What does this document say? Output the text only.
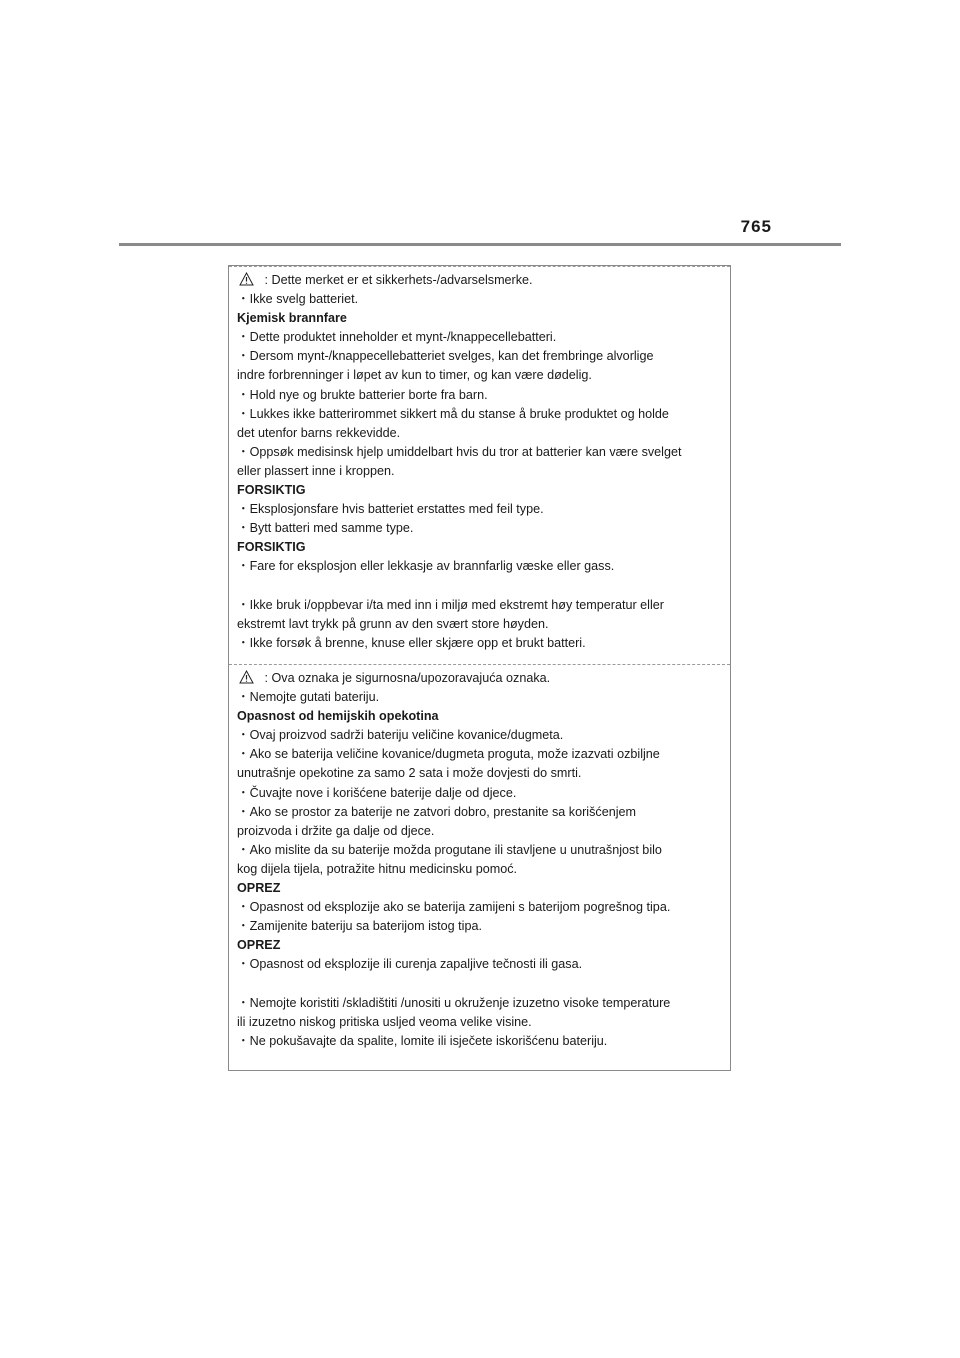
765
: Dette merket er et sikkerhets-/advarselsmerke.
・Ikke svelg batteriet.
Kjemisk brannfare
・Dette produktet inneholder et mynt-/knappecellebatteri.
・Dersom mynt-/knappecellebatteriet svelges, kan det frembringe alvorlige
indre forbrenninger i løpet av kun to timer, og kan være dødelig.
・Hold nye og brukte batterier borte fra barn.
・Lukkes ikke batterirommet sikkert må du stanse å bruke produktet og holde
det utenfor barns rekkevidde.
・Oppsøk medisinsk hjelp umiddelbart hvis du tror at batterier kan være svelget
eller plassert inne i kroppen.
FORSIKTIG
・Eksplosjonsfare hvis batteriet erstattes med feil type.
・Bytt batteri med samme type.
FORSIKTIG
・Fare for eksplosjon eller lekkasje av brannfarlig væske eller gass.
・Ikke bruk i/oppbevar i/ta med inn i miljø med ekstremt høy temperatur eller
ekstremt lavt trykk på grunn av den svært store høyden.
・Ikke forsøk å brenne, knuse eller skjære opp et brukt batteri.
: Ova oznaka je sigurnosna/upozoravajuća oznaka.
・Nemojte gutati bateriju.
Opasnost od hemijskih opekotina
・Ovaj proizvod sadrži bateriju veličine kovanice/dugmeta.
・Ako se baterija veličine kovanice/dugmeta proguta, može izazvati ozbiljne
unutrašnje opekotine za samo 2 sata i može dovjesti do smrti.
・Čuvajte nove i korišćene baterije dalje od djece.
・Ako se prostor za baterije ne zatvori dobro, prestanite sa korišćenjem
proizvoda i držite ga dalje od djece.
・Ako mislite da su baterije možda progutane ili stavljene u unutrašnjost bilo
kog dijela tijela, potražite hitnu medicinsku pomoć.
OPREZ
・Opasnost od eksplozije ako se baterija zamijeni s baterijom pogrešnog tipa.
・Zamijenite bateriju sa baterijom istog tipa.
OPREZ
・Opasnost od eksplozije ili curenja zapaljive tečnosti ili gasa.
・Nemojte koristiti /skladištiti /unositi u okruženje izuzetno visoke temperature
ili izuzetno niskog pritiska usljed veoma velike visine.
・Ne pokušavajte da spalite, lomite ili isječete iskorišćenu bateriju.
